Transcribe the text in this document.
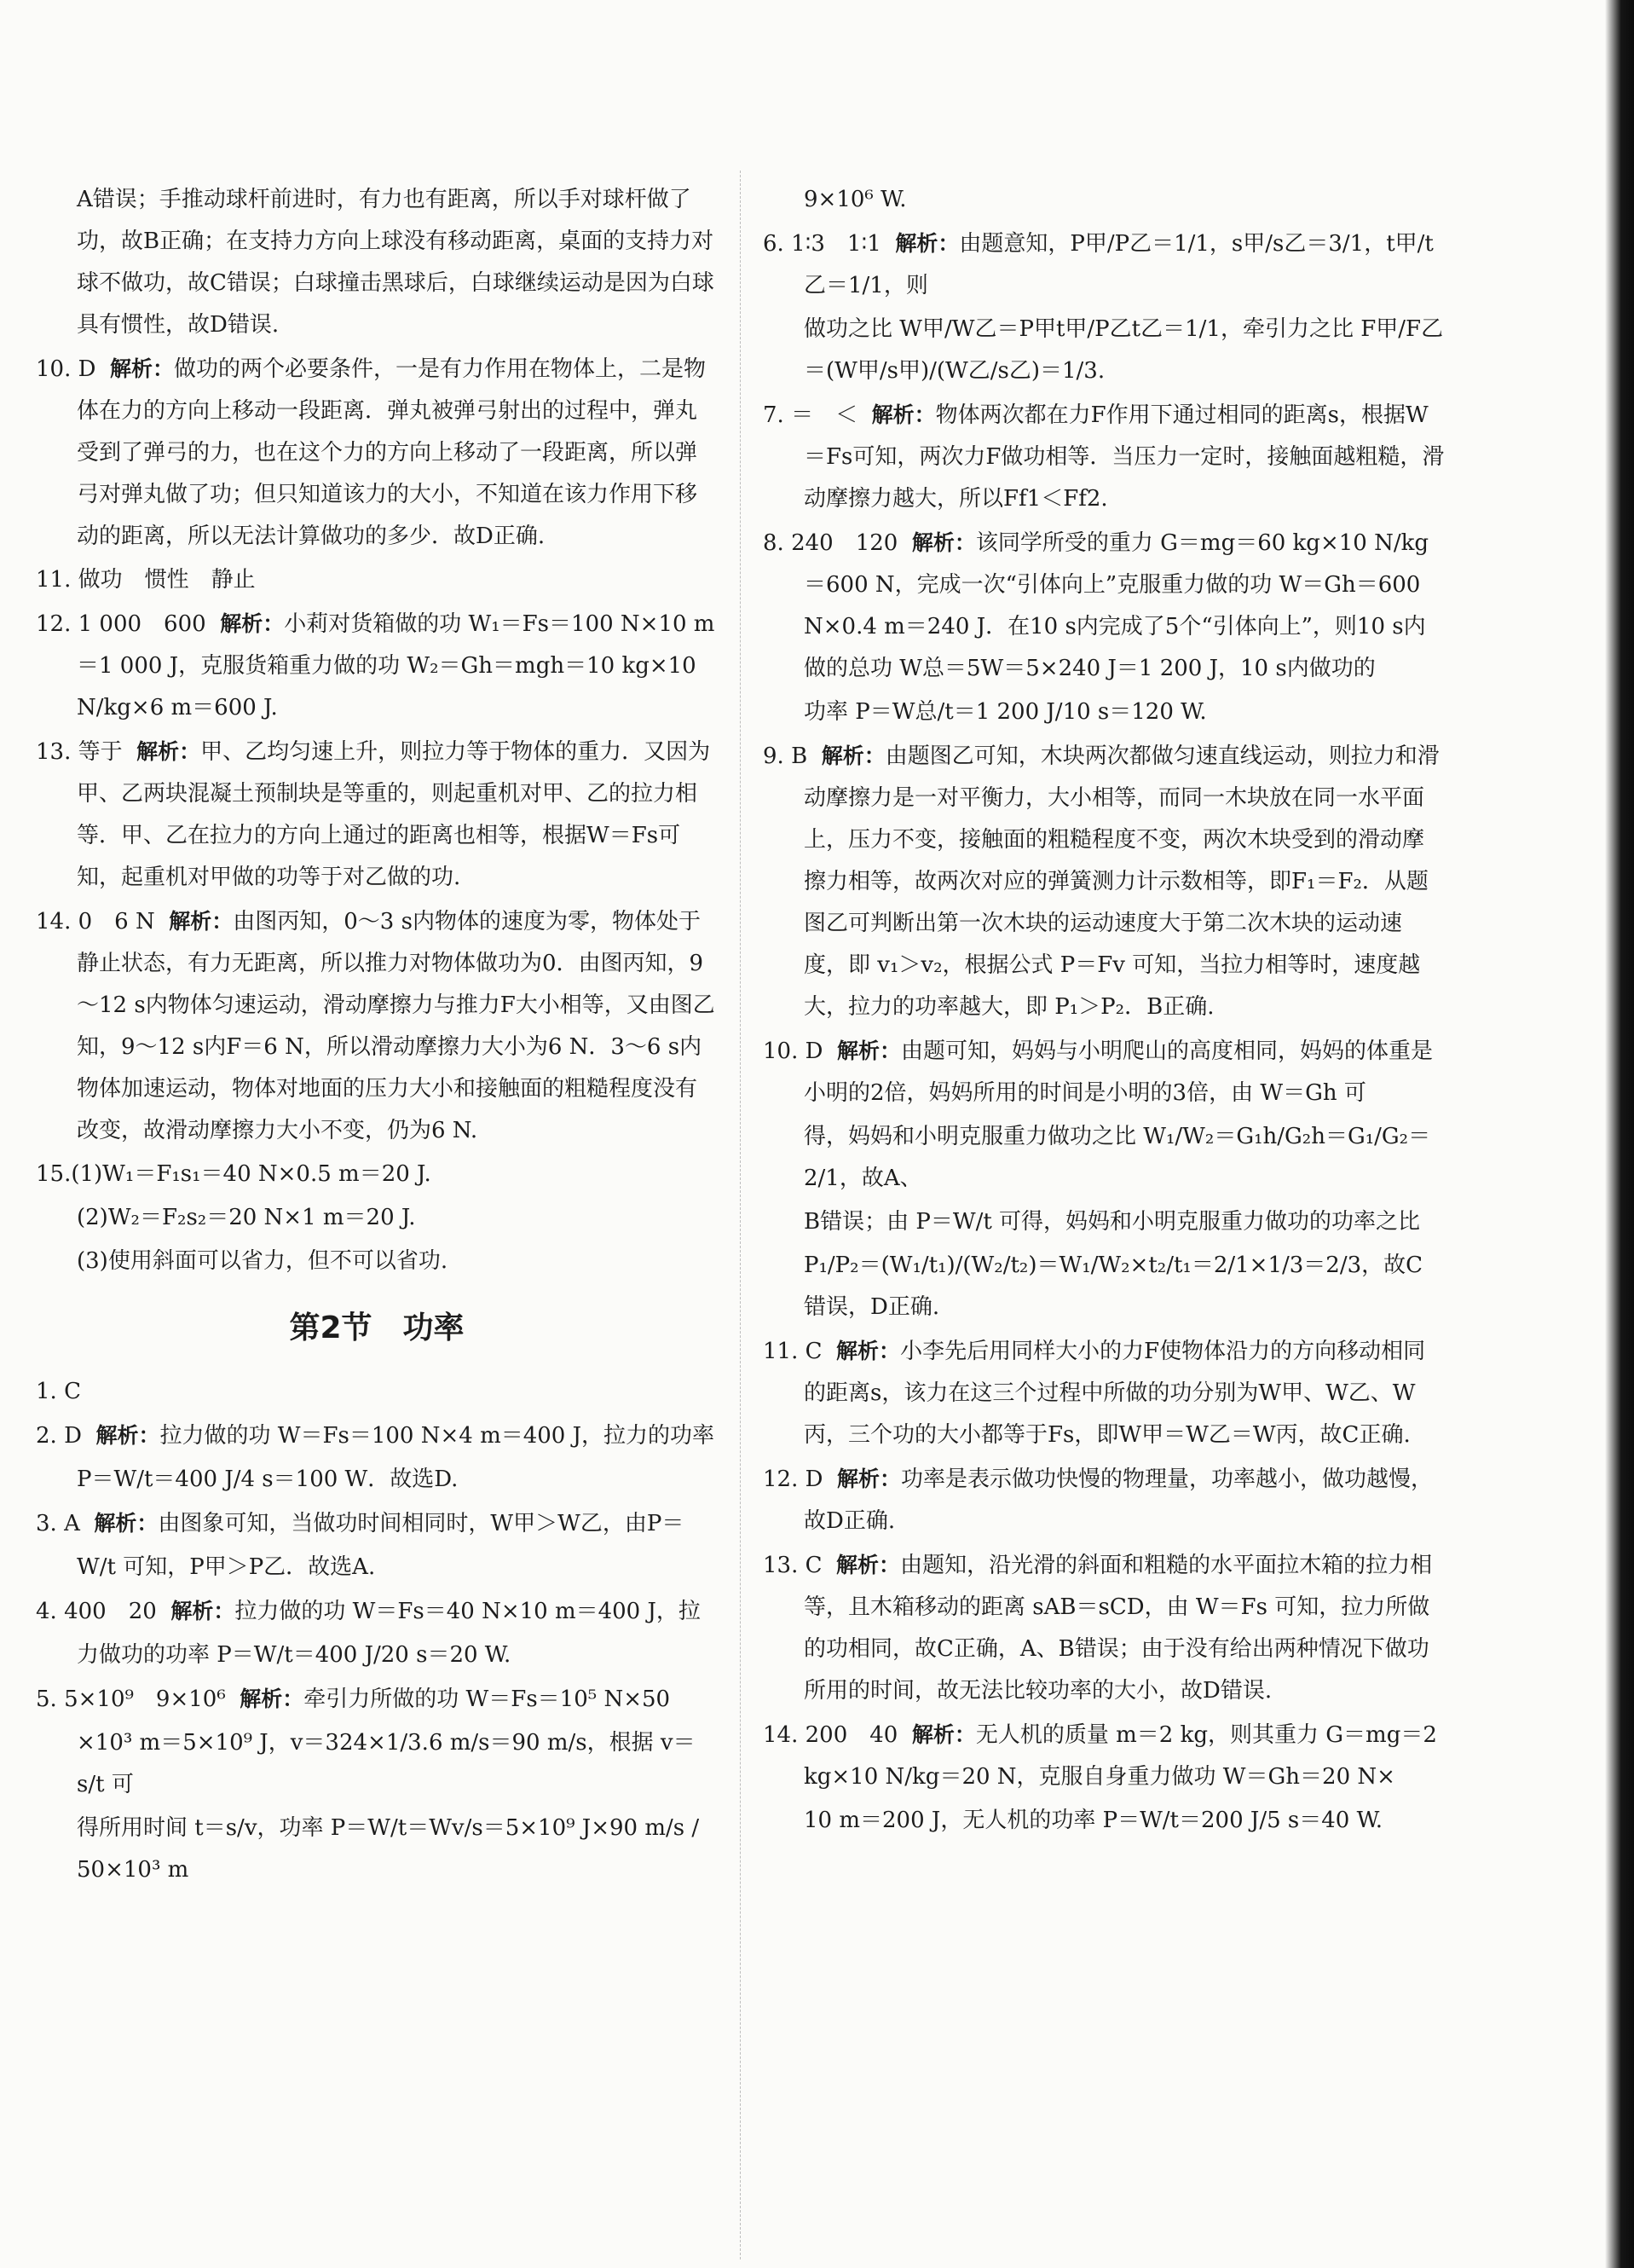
A错误；手推动球杆前进时，有力也有距离，所以手对球杆做了功，故B正确；在支持力方向上球没有移动距离，桌面的支持力对球不做功，故C错误；白球撞击黑球后，白球继续运动是因为白球具有惯性，故D错误.

10. D 解析：做功的两个必要条件，一是有力作用在物体上，二是物体在力的方向上移动一段距离．弹丸被弹弓射出的过程中，弹丸受到了弹弓的力，也在这个力的方向上移动了一段距离，所以弹弓对弹丸做了功；但只知道该力的大小，不知道在该力作用下移动的距离，所以无法计算做功的多少．故D正确.

11. 做功　惯性　静止

12. 1 000　600 解析：小莉对货箱做的功 W₁＝Fs＝100 N×10 m＝1 000 J，克服货箱重力做的功 W₂＝Gh＝mgh＝10 kg×10 N/kg×6 m＝600 J.

13. 等于 解析：甲、乙均匀速上升，则拉力等于物体的重力．又因为甲、乙两块混凝土预制块是等重的，则起重机对甲、乙的拉力相等．甲、乙在拉力的方向上通过的距离也相等，根据W＝Fs可知，起重机对甲做的功等于对乙做的功.

14. 0　6 N 解析：由图丙知，0～3 s内物体的速度为零，物体处于静止状态，有力无距离，所以推力对物体做功为0．由图丙知，9～12 s内物体匀速运动，滑动摩擦力与推力F大小相等，又由图乙知，9～12 s内F＝6 N，所以滑动摩擦力大小为6 N．3～6 s内物体加速运动，物体对地面的压力大小和接触面的粗糙程度没有改变，故滑动摩擦力大小不变，仍为6 N.

15.(1)W₁＝F₁s₁＝40 N×0.5 m＝20 J.

(2)W₂＝F₂s₂＝20 N×1 m＝20 J.

(3)使用斜面可以省力，但不可以省功.

第2节　功率

1. C

2. D 解析：拉力做的功 W＝Fs＝100 N×4 m＝400 J，拉力的功率

P＝W/t＝400 J/4 s＝100 W．故选D.

3. A 解析：由图象可知，当做功时间相同时，W甲＞W乙，由P＝

W/t 可知，P甲＞P乙．故选A.

4. 400　20 解析：拉力做的功 W＝Fs＝40 N×10 m＝400 J，拉

力做功的功率 P＝W/t＝400 J/20 s＝20 W.

5. 5×10⁹　9×10⁶ 解析：牵引力所做的功 W＝Fs＝10⁵ N×50

×10³ m＝5×10⁹ J，v＝324×1/3.6 m/s＝90 m/s，根据 v＝s/t 可

得所用时间 t＝s/v，功率 P＝W/t＝Wv/s＝5×10⁹ J×90 m/s / 50×10³ m

9×10⁶ W.

6. 1∶3　1∶1 解析：由题意知，P甲/P乙＝1/1，s甲/s乙＝3/1，t甲/t乙＝1/1，则

做功之比 W甲/W乙＝P甲t甲/P乙t乙＝1/1，牵引力之比 F甲/F乙＝(W甲/s甲)/(W乙/s乙)＝1/3.

7. ＝　＜ 解析：物体两次都在力F作用下通过相同的距离s，根据W＝Fs可知，两次力F做功相等．当压力一定时，接触面越粗糙，滑动摩擦力越大，所以Ff1＜Ff2.

8. 240　120 解析：该同学所受的重力 G＝mg＝60 kg×10 N/kg＝600 N，完成一次“引体向上”克服重力做的功 W＝Gh＝600 N×0.4 m＝240 J．在10 s内完成了5个“引体向上”，则10 s内做的总功 W总＝5W＝5×240 J＝1 200 J，10 s内做功的

功率 P＝W总/t＝1 200 J/10 s＝120 W.

9. B 解析：由题图乙可知，木块两次都做匀速直线运动，则拉力和滑动摩擦力是一对平衡力，大小相等，而同一木块放在同一水平面上，压力不变，接触面的粗糙程度不变，两次木块受到的滑动摩擦力相等，故两次对应的弹簧测力计示数相等，即F₁＝F₂．从题图乙可判断出第一次木块的运动速度大于第二次木块的运动速度，即 v₁＞v₂，根据公式 P＝Fv 可知，当拉力相等时，速度越大，拉力的功率越大，即 P₁＞P₂．B正确.

10. D 解析：由题可知，妈妈与小明爬山的高度相同，妈妈的体重是小明的2倍，妈妈所用的时间是小明的3倍，由 W＝Gh 可

得，妈妈和小明克服重力做功之比 W₁/W₂＝G₁h/G₂h＝G₁/G₂＝2/1，故A、

B错误；由 P＝W/t 可得，妈妈和小明克服重力做功的功率之比

P₁/P₂＝(W₁/t₁)/(W₂/t₂)＝W₁/W₂×t₂/t₁＝2/1×1/3＝2/3，故C错误，D正确.

11. C 解析：小李先后用同样大小的力F使物体沿力的方向移动相同的距离s，该力在这三个过程中所做的功分别为W甲、W乙、W丙，三个功的大小都等于Fs，即W甲＝W乙＝W丙，故C正确.

12. D 解析：功率是表示做功快慢的物理量，功率越小，做功越慢，故D正确.

13. C 解析：由题知，沿光滑的斜面和粗糙的水平面拉木箱的拉力相等，且木箱移动的距离 sAB＝sCD，由 W＝Fs 可知，拉力所做的功相同，故C正确，A、B错误；由于没有给出两种情况下做功所用的时间，故无法比较功率的大小，故D错误.

14. 200　40 解析：无人机的质量 m＝2 kg，则其重力 G＝mg＝2 kg×10 N/kg＝20 N，克服自身重力做功 W＝Gh＝20 N×

10 m＝200 J，无人机的功率 P＝W/t＝200 J/5 s＝40 W.
